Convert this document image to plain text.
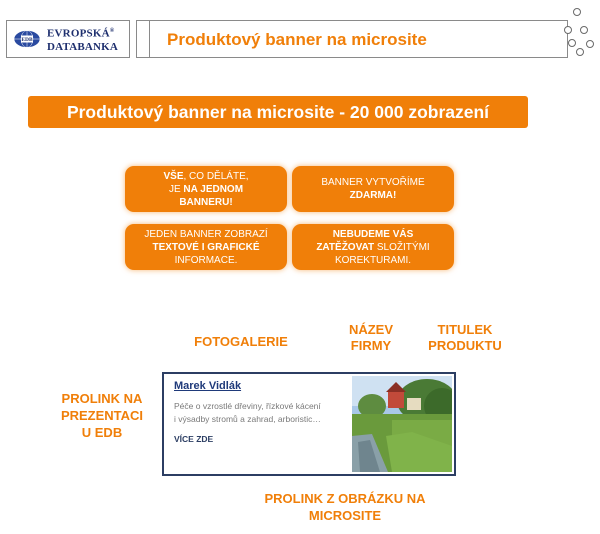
EDB
EVROPSKÁ®
DATABANKA	Produktový banner na microsite
Produktový banner na microsite - 20 000 zobrazení
VŠE, CO DĚLÁTE,
JE NA JEDNOM
BANNERU!
BANNER VYTVOŘÍME
ZDARMA!
JEDEN BANNER ZOBRAZÍ
TEXTOVÉ I GRAFICKÉ
INFORMACE.
NEBUDEME VÁS
ZATĚŽOVAT SLOŽITÝMI
KOREKTURAMI.
FOTOGALERIE
NÁZEV
FIRMY
TITULEK
PRODUKTU
PROLINK NA
PREZENTACI
U EDB
PROLINK Z OBRÁZKU NA
MICROSITE
Marek Vidlák
Péče o vzrostlé dřeviny, řízkové kácení
i výsadby stromů a zahrad, arboristic…
VÍCE ZDE
